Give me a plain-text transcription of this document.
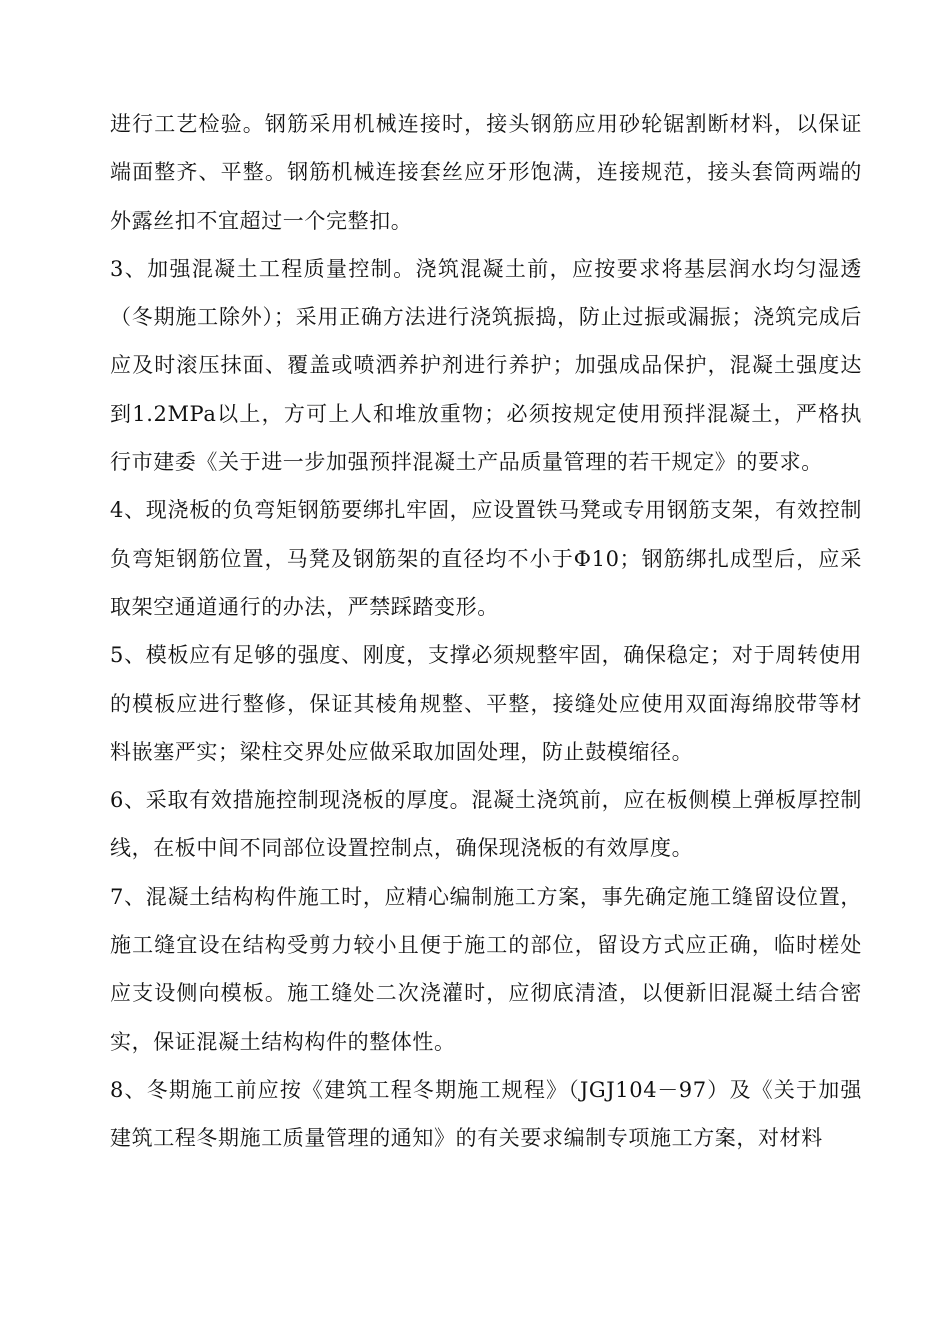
进行工艺检验。钢筋采用机械连接时，接头钢筋应用砂轮锯割断材料，以保证端面整齐、平整。钢筋机械连接套丝应牙形饱满，连接规范，接头套筒两端的外露丝扣不宜超过一个完整扣。

3、加强混凝土工程质量控制。浇筑混凝土前，应按要求将基层润水均匀湿透（冬期施工除外）；采用正确方法进行浇筑振捣，防止过振或漏振；浇筑完成后应及时滚压抹面、覆盖或喷洒养护剂进行养护；加强成品保护，混凝土强度达到1.2MPa以上，方可上人和堆放重物；必须按规定使用预拌混凝土，严格执行市建委《关于进一步加强预拌混凝土产品质量管理的若干规定》的要求。

4、现浇板的负弯矩钢筋要绑扎牢固，应设置铁马凳或专用钢筋支架，有效控制负弯矩钢筋位置，马凳及钢筋架的直径均不小于Φ10；钢筋绑扎成型后，应采取架空通道通行的办法，严禁踩踏变形。

5、模板应有足够的强度、刚度，支撑必须规整牢固，确保稳定；对于周转使用的模板应进行整修，保证其棱角规整、平整，接缝处应使用双面海绵胶带等材料嵌塞严实；梁柱交界处应做采取加固处理，防止鼓模缩径。

6、采取有效措施控制现浇板的厚度。混凝土浇筑前，应在板侧模上弹板厚控制线，在板中间不同部位设置控制点，确保现浇板的有效厚度。

7、混凝土结构构件施工时，应精心编制施工方案，事先确定施工缝留设位置，施工缝宜设在结构受剪力较小且便于施工的部位，留设方式应正确，临时槎处应支设侧向模板。施工缝处二次浇灌时，应彻底清渣，以便新旧混凝土结合密实，保证混凝土结构构件的整体性。

8、冬期施工前应按《建筑工程冬期施工规程》（JGJ104－97）及《关于加强建筑工程冬期施工质量管理的通知》的有关要求编制专项施工方案，对材料
